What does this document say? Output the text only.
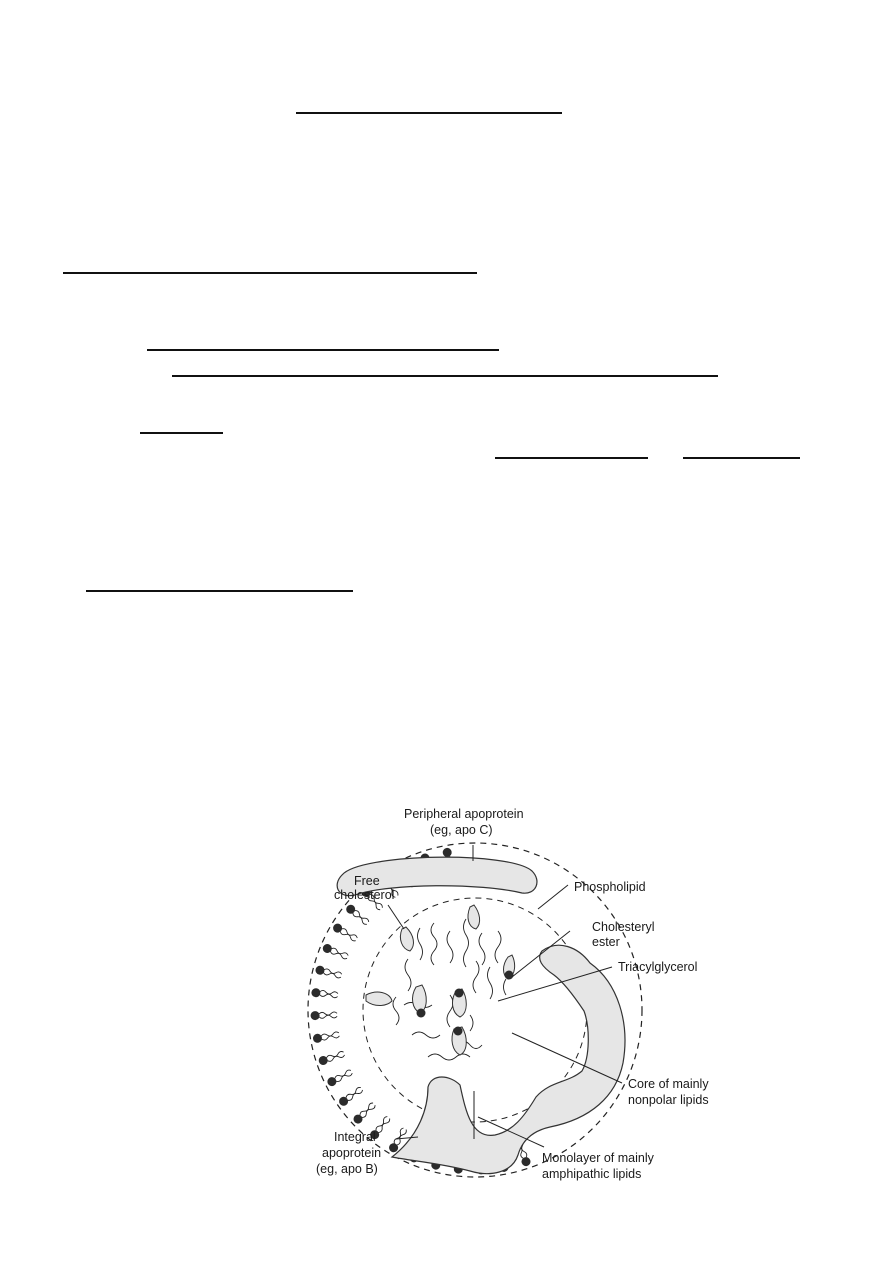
Peripheral apoprotein
(eg, apo C)
Free
cholesterol
Phospholipid
Cholesteryl
ester
Triacylglycerol
Core of mainly
nonpolar lipids
Integral
apoprotein
(eg, apo B)
Monolayer of mainly
amphipathic lipids
